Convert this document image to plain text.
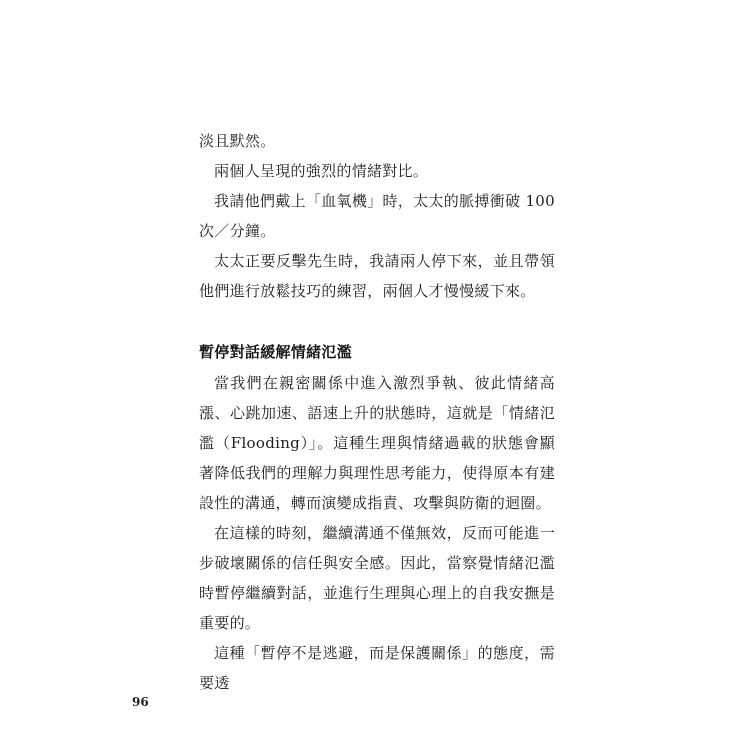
淡且默然。

兩個人呈現的強烈的情緒對比。

我請他們戴上「血氧機」時，太太的脈搏衝破 100 次／分鐘。

太太正要反擊先生時，我請兩人停下來，並且帶領他們進行放鬆技巧的練習，兩個人才慢慢緩下來。

暫停對話緩解情緒氾濫

當我們在親密關係中進入激烈爭執、彼此情緒高漲、心跳加速、語速上升的狀態時，這就是「情緒氾濫（Flooding）」。這種生理與情緒過載的狀態會顯著降低我們的理解力與理性思考能力，使得原本有建設性的溝通，轉而演變成指責、攻擊與防衛的迴圈。

在這樣的時刻，繼續溝通不僅無效，反而可能進一步破壞關係的信任與安全感。因此，當察覺情緒氾濫時暫停繼續對話，並進行生理與心理上的自我安撫是重要的。

這種「暫停不是逃避，而是保護關係」的態度，需要透

96
